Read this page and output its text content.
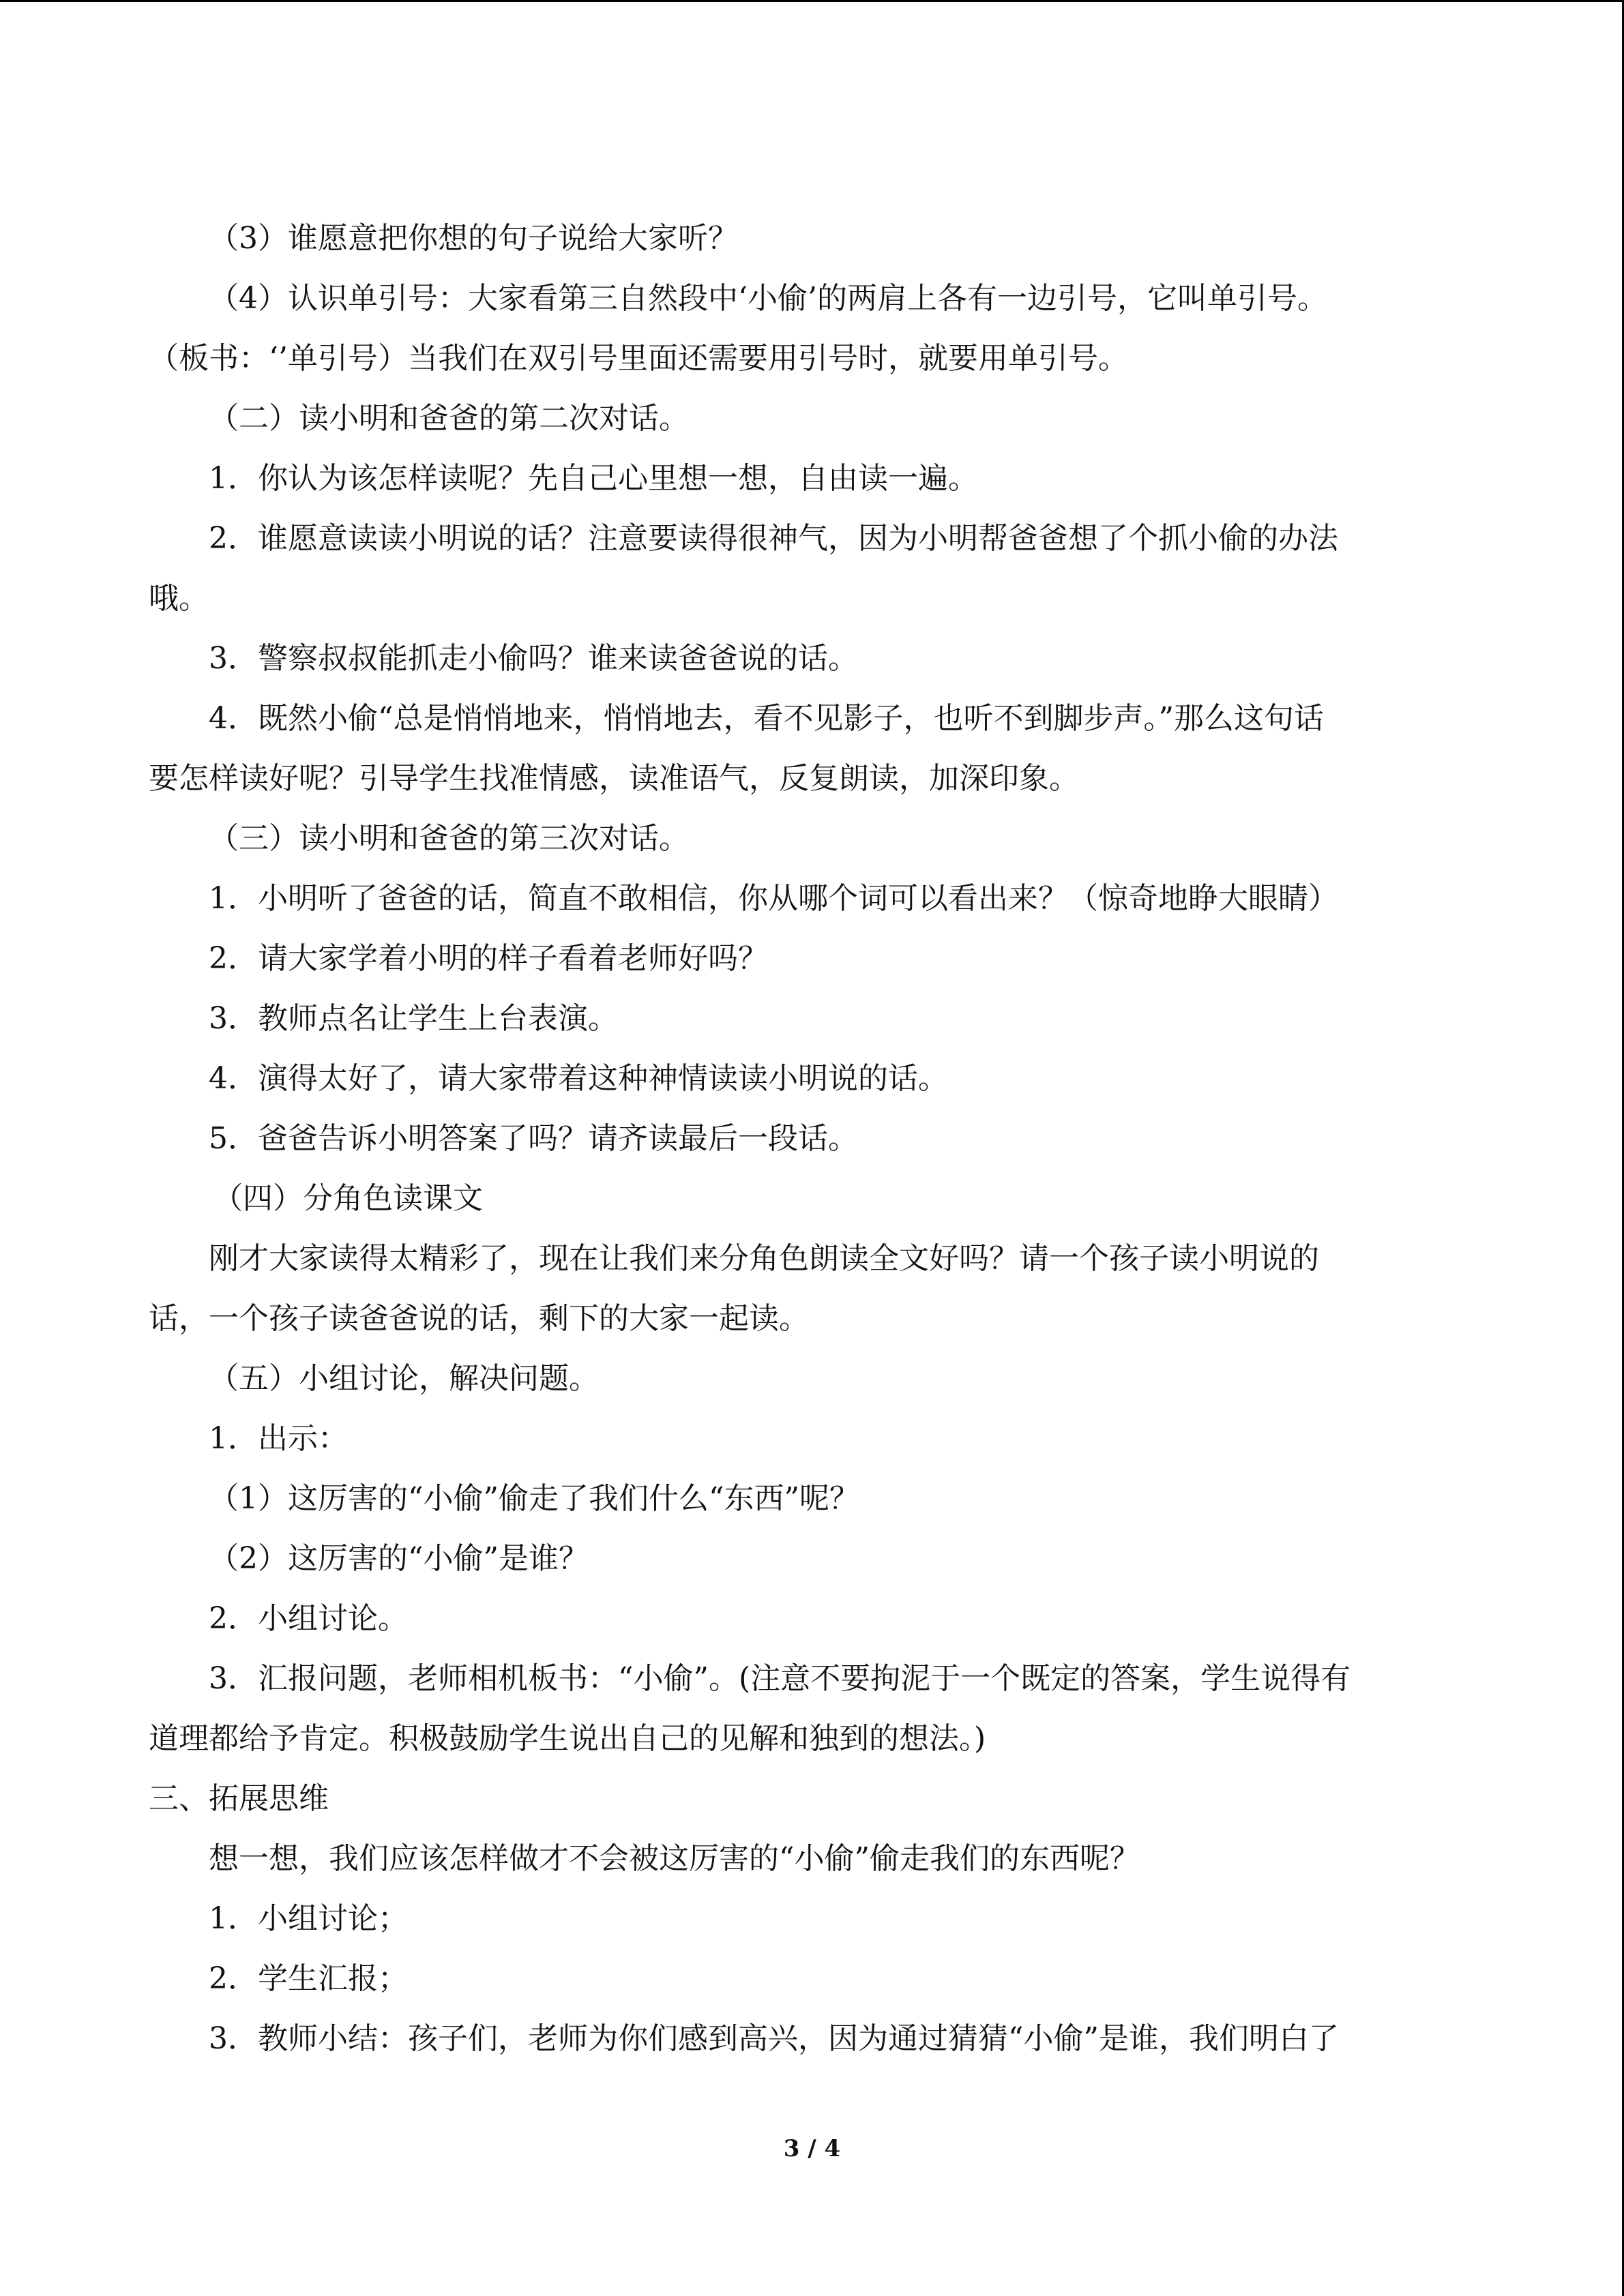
（3）谁愿意把你想的句子说给大家听？

（4）认识单引号：大家看第三自然段中‘小偷’的两肩上各有一边引号，它叫单引号。

（板书：‘’单引号）当我们在双引号里面还需要用引号时，就要用单引号。

（二）读小明和爸爸的第二次对话。

1．你认为该怎样读呢？先自己心里想一想，自由读一遍。

2．谁愿意读读小明说的话？注意要读得很神气，因为小明帮爸爸想了个抓小偷的办法

哦。

3．警察叔叔能抓走小偷吗？谁来读爸爸说的话。

4．既然小偷“总是悄悄地来，悄悄地去，看不见影子，也听不到脚步声。”那么这句话

要怎样读好呢？引导学生找准情感，读准语气，反复朗读，加深印象。

（三）读小明和爸爸的第三次对话。

1．小明听了爸爸的话，简直不敢相信，你从哪个词可以看出来？（惊奇地睁大眼睛）

2．请大家学着小明的样子看着老师好吗？

3．教师点名让学生上台表演。

4．演得太好了，请大家带着这种神情读读小明说的话。

5．爸爸告诉小明答案了吗？请齐读最后一段话。

（四）分角色读课文

刚才大家读得太精彩了，现在让我们来分角色朗读全文好吗？请一个孩子读小明说的

话，一个孩子读爸爸说的话，剩下的大家一起读。

（五）小组讨论，解决问题。

1．出示：

（1）这厉害的“小偷”偷走了我们什么“东西”呢？

（2）这厉害的“小偷”是谁？

2．小组讨论。

3．汇报问题，老师相机板书：“小偷”。(注意不要拘泥于一个既定的答案，学生说得有

道理都给予肯定。积极鼓励学生说出自己的见解和独到的想法。)

三、拓展思维

想一想，我们应该怎样做才不会被这厉害的“小偷”偷走我们的东西呢？

1．小组讨论；

2．学生汇报；

3．教师小结：孩子们，老师为你们感到高兴，因为通过猜猜“小偷”是谁，我们明白了

3 / 4
